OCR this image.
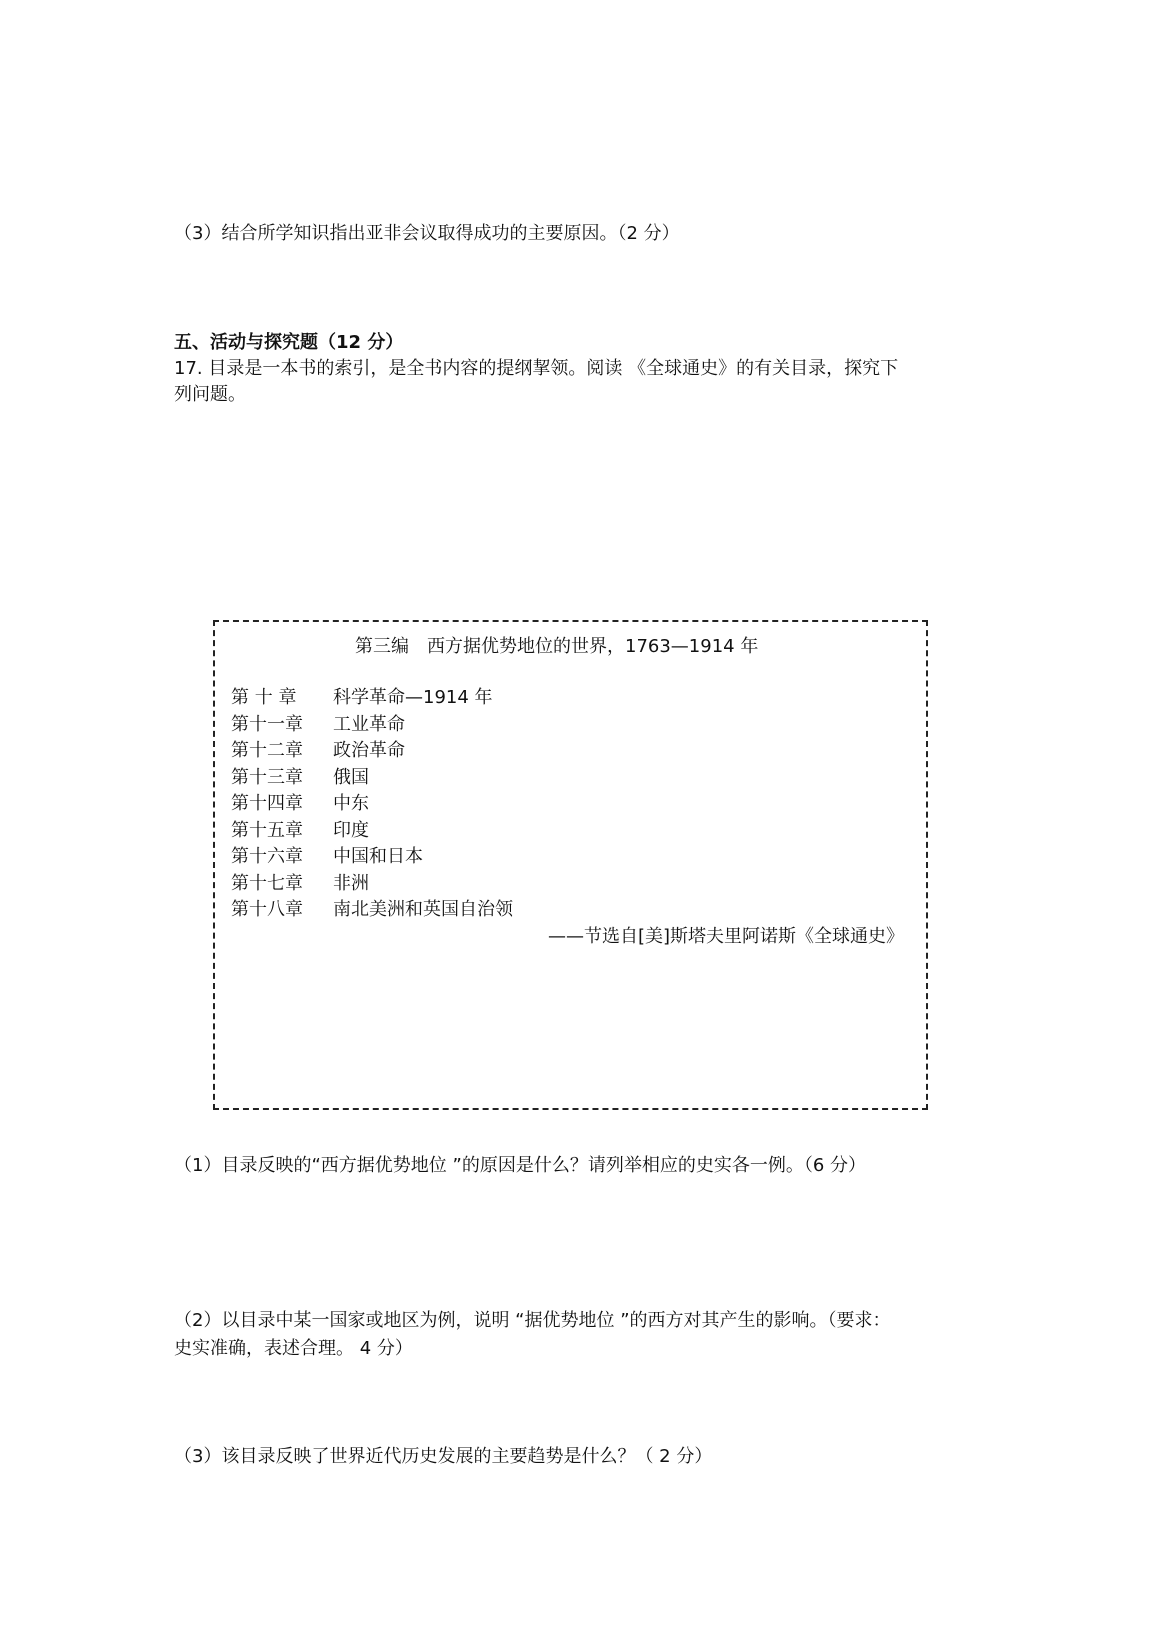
（3）结合所学知识指出亚非会议取得成功的主要原因。（2 分）
五、活动与探究题（12 分）
17. 目录是一本书的索引，是全书内容的提纲挈领。阅读 《全球通史》的有关目录，探究下
列问题。
第三编　西方据优势地位的世界，1763—1914 年
第 十 章 科学革命—1914 年
第十一章 工业革命
第十二章 政治革命
第十三章 俄国
第十四章 中东
第十五章 印度
第十六章 中国和日本
第十七章 非洲
第十八章 南北美洲和英国自治领
——节选自[美]斯塔夫里阿诺斯《全球通史》
（1）目录反映的“西方据优势地位 ”的原因是什么？请列举相应的史实各一例。（6 分）
（2）以目录中某一国家或地区为例，说明 “据优势地位 ”的西方对其产生的影响。（要求：
史实准确，表述合理。 4 分）
（3）该目录反映了世界近代历史发展的主要趋势是什么？（ 2 分）
